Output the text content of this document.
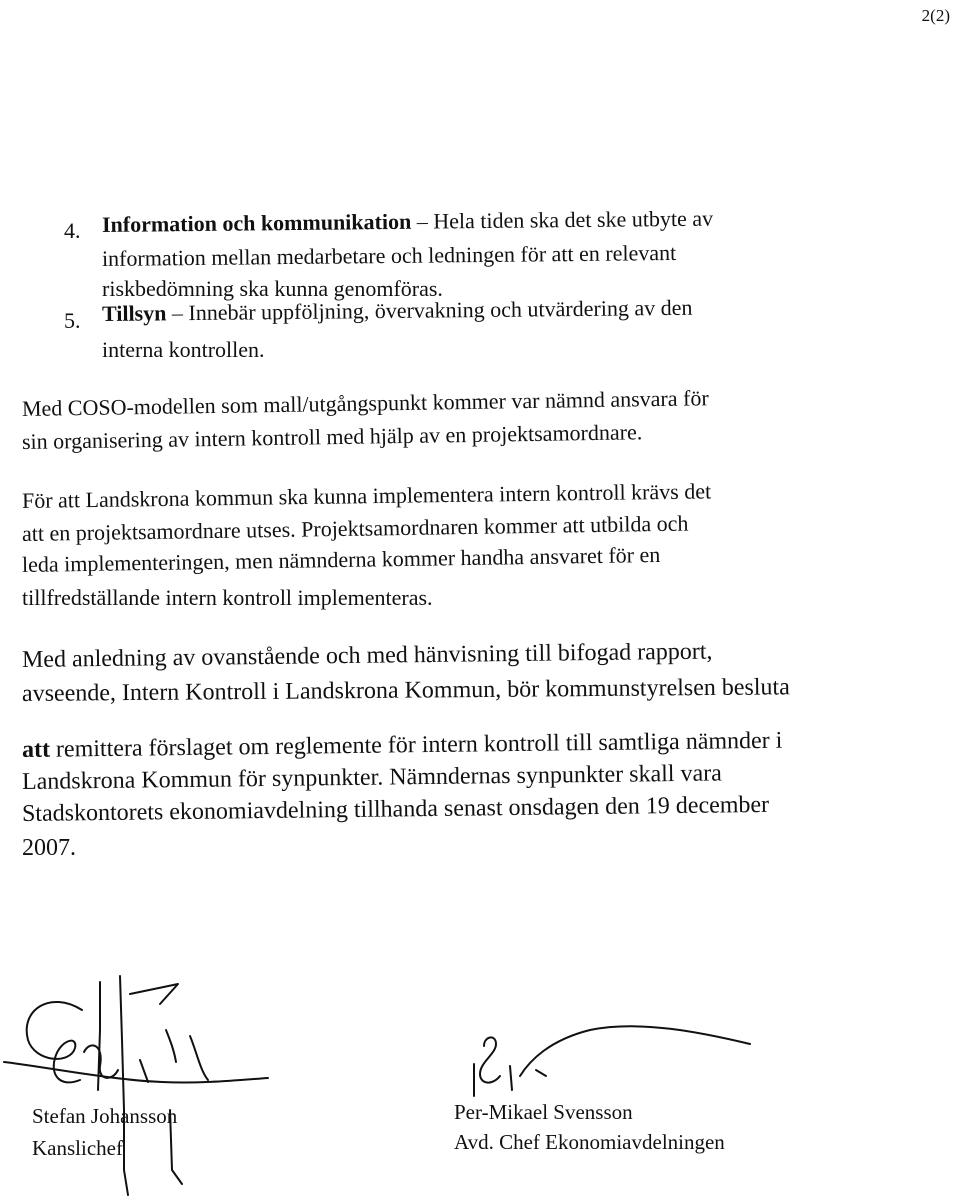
2(2)
4. Information och kommunikation – Hela tiden ska det ske utbyte av
information mellan medarbetare och ledningen för att en relevant
riskbedömning ska kunna genomföras.
5. Tillsyn – Innebär uppföljning, övervakning och utvärdering av den
interna kontrollen.
Med COSO-modellen som mall/utgångspunkt kommer var nämnd ansvara för
sin organisering av intern kontroll med hjälp av en projektsamordnare.
För att Landskrona kommun ska kunna implementera intern kontroll krävs det
att en projektsamordnare utses. Projektsamordnaren kommer att utbilda och
leda implementeringen, men nämnderna kommer handha ansvaret för en
tillfredställande intern kontroll implementeras.
Med anledning av ovanstående och med hänvisning till bifogad rapport,
avseende, Intern Kontroll i Landskrona Kommun, bör kommunstyrelsen besluta
att remittera förslaget om reglemente för intern kontroll till samtliga nämnder i
Landskrona Kommun för synpunkter. Nämndernas synpunkter skall vara
Stadskontorets ekonomiavdelning tillhanda senast onsdagen den 19 december
2007.
Stefan Johansson
Kanslichef
Per-Mikael Svensson
Avd. Chef Ekonomiavdelningen
